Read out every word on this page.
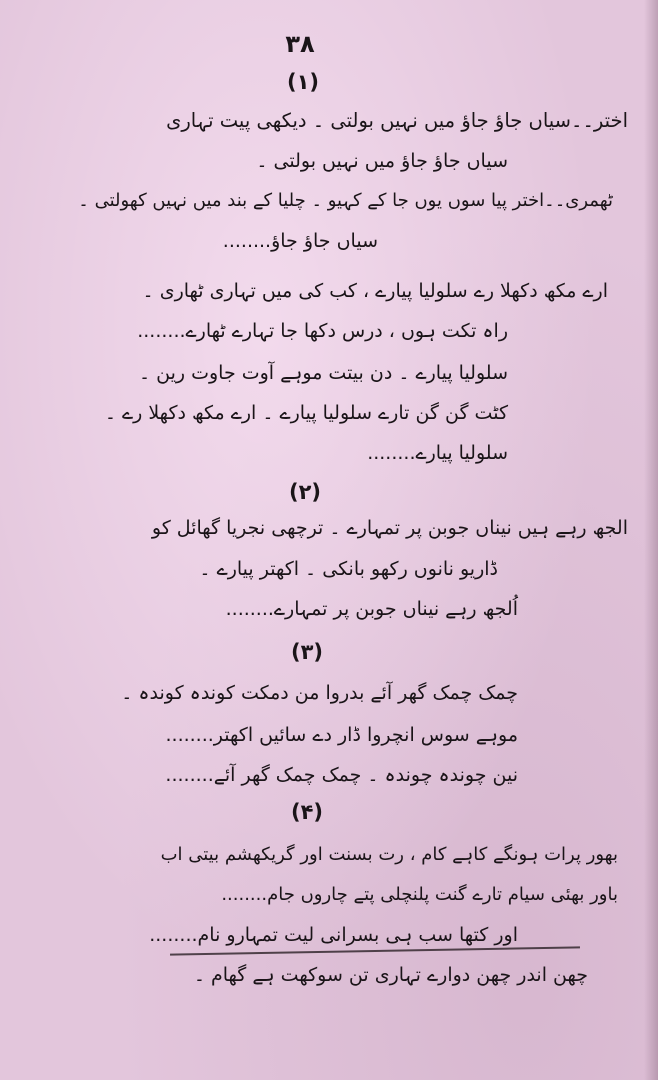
۳۸
(۱)
اختر۔۔سیاں جاؤ جاؤ میں نہیں بولتی ۔ دیکھی پیت تہاری
سیاں جاؤ جاؤ میں نہیں بولتی ۔
ٹھمری۔۔اختر پیا سوں یوں جا کے کہیو ۔ چلیا کے بند میں نہیں کھولتی ۔
سیاں جاؤ جاؤ........
ارے مکھ دکھلا رے سلولیا پیارے ، کب کی میں تہاری ٹھاری ۔
راہ تکت ہوں ، درس دکھا جا تہارے ٹھارے........
سلولیا پیارے ۔ دن بیتت موہے آوت جاوت رین ۔
کٹت گن گن تارے سلولیا پیارے ۔ ارے مکھ دکھلا رے ۔
سلولیا پیارے........
(۲)
الجھ رہے ہیں نیناں جوبن پر تمہارے ۔ ترچھی نجریا گھائل کو
ڈاریو نانوں رکھو بانکی ۔ اکھتر پیارے ۔
اُلجھ رہے نیناں جوبن پر تمہارے........
(۳)
چمک چمک گھر آئے بدروا من دمکت کوندہ کوندہ ۔
موہے سوس انچروا ڈار دے سائیں اکھتر........
نین چوندہ چوندہ ۔ چمک چمک گھر آئے........
(۴)
بھور پرات ہونگے کاہے کام ، رت بسنت اور گریکھشم بیتی اب
باور بھئی سیام تارے گنت پلنچلی پتے چاروں جام........
اور کتھا سب ہی بسرانی لیت تمہارو نام........
چھن اندر چھن دوارے تہاری تن سوکھت ہے گھام ۔
